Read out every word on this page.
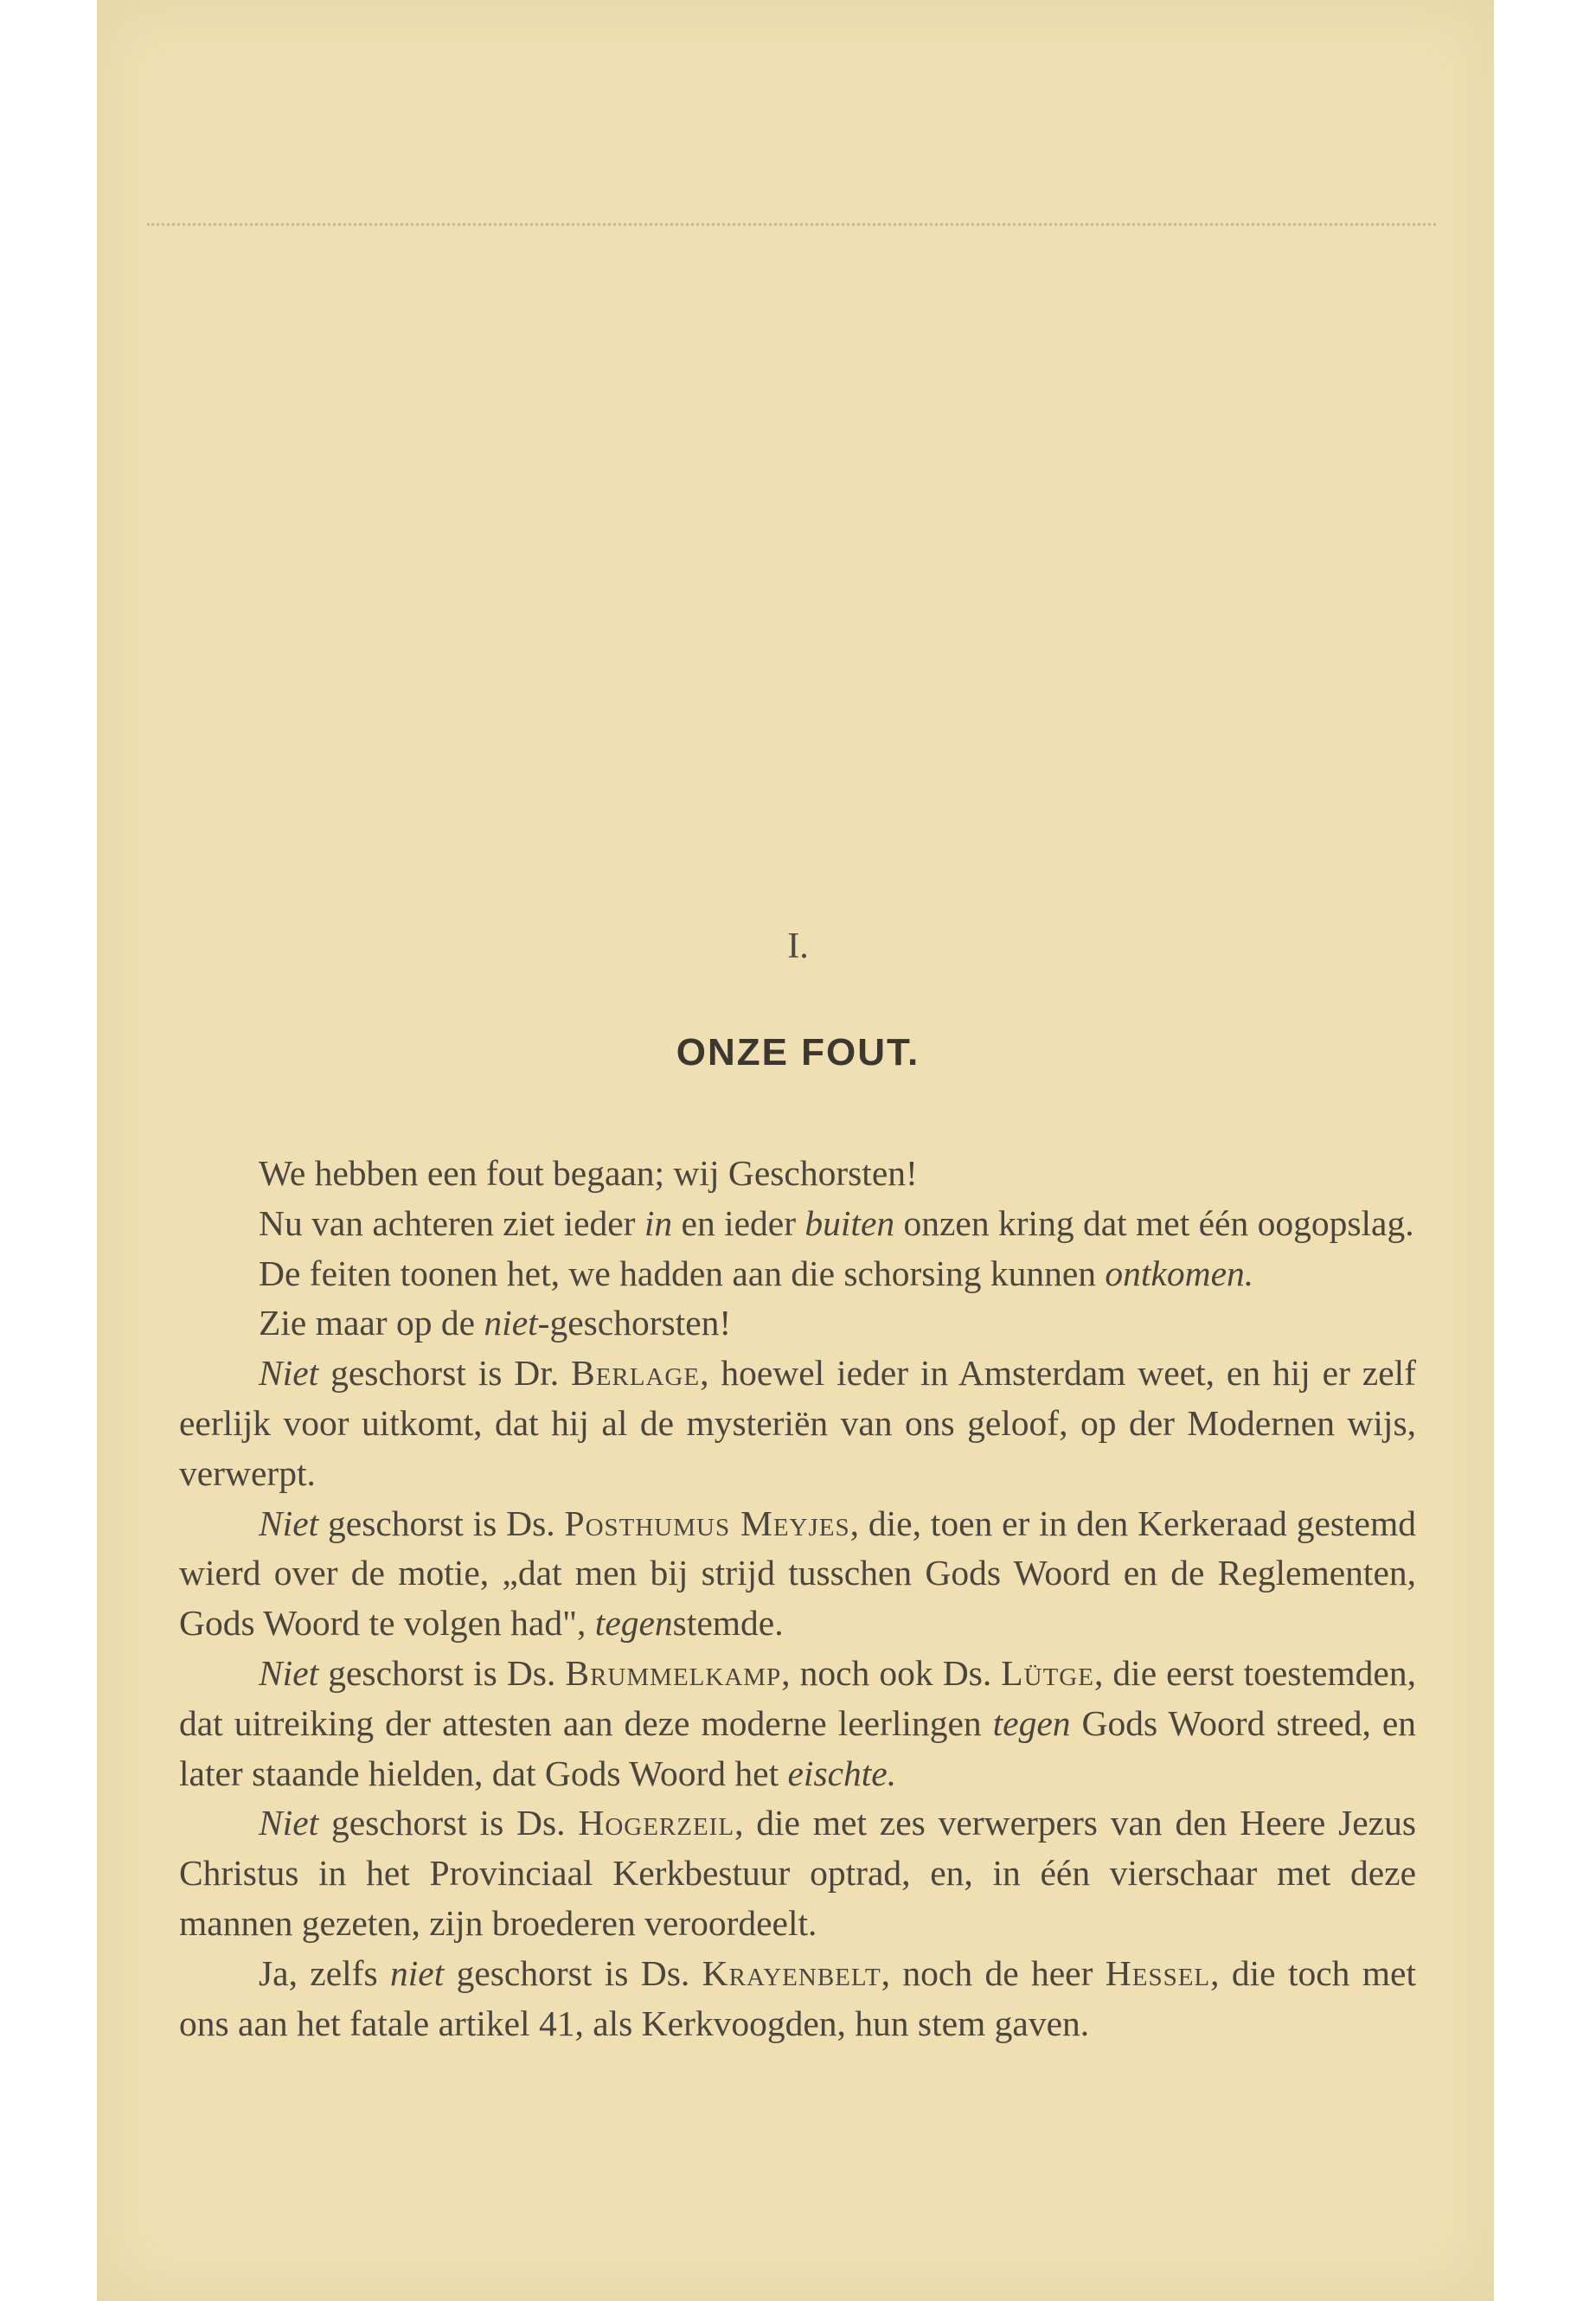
I.
ONZE FOUT.

We hebben een fout begaan; wij Geschorsten!

Nu van achteren ziet ieder in en ieder buiten onzen kring dat met één oogopslag.

De feiten toonen het, we hadden aan die schorsing kunnen ontkomen.

Zie maar op de niet-geschorsten!

Niet geschorst is Dr. Berlage, hoewel ieder in Amsterdam weet, en hij er zelf eerlijk voor uitkomt, dat hij al de mysteriën van ons geloof, op der Modernen wijs, verwerpt.

Niet geschorst is Ds. Posthumus Meyjes, die, toen er in den Kerkeraad gestemd wierd over de motie, „dat men bij strijd tusschen Gods Woord en de Reglementen, Gods Woord te volgen had", tegenstemde.

Niet geschorst is Ds. Brummelkamp, noch ook Ds. Lütge, die eerst toestemden, dat uitreiking der attesten aan deze moderne leerlingen tegen Gods Woord streed, en later staande hielden, dat Gods Woord het eischte.

Niet geschorst is Ds. Hogerzeil, die met zes verwerpers van den Heere Jezus Christus in het Provinciaal Kerkbestuur optrad, en, in één vierschaar met deze mannen gezeten, zijn broederen veroordeelt.

Ja, zelfs niet geschorst is Ds. Krayenbelt, noch de heer Hessel, die toch met ons aan het fatale artikel 41, als Kerkvoogden, hun stem gaven.
